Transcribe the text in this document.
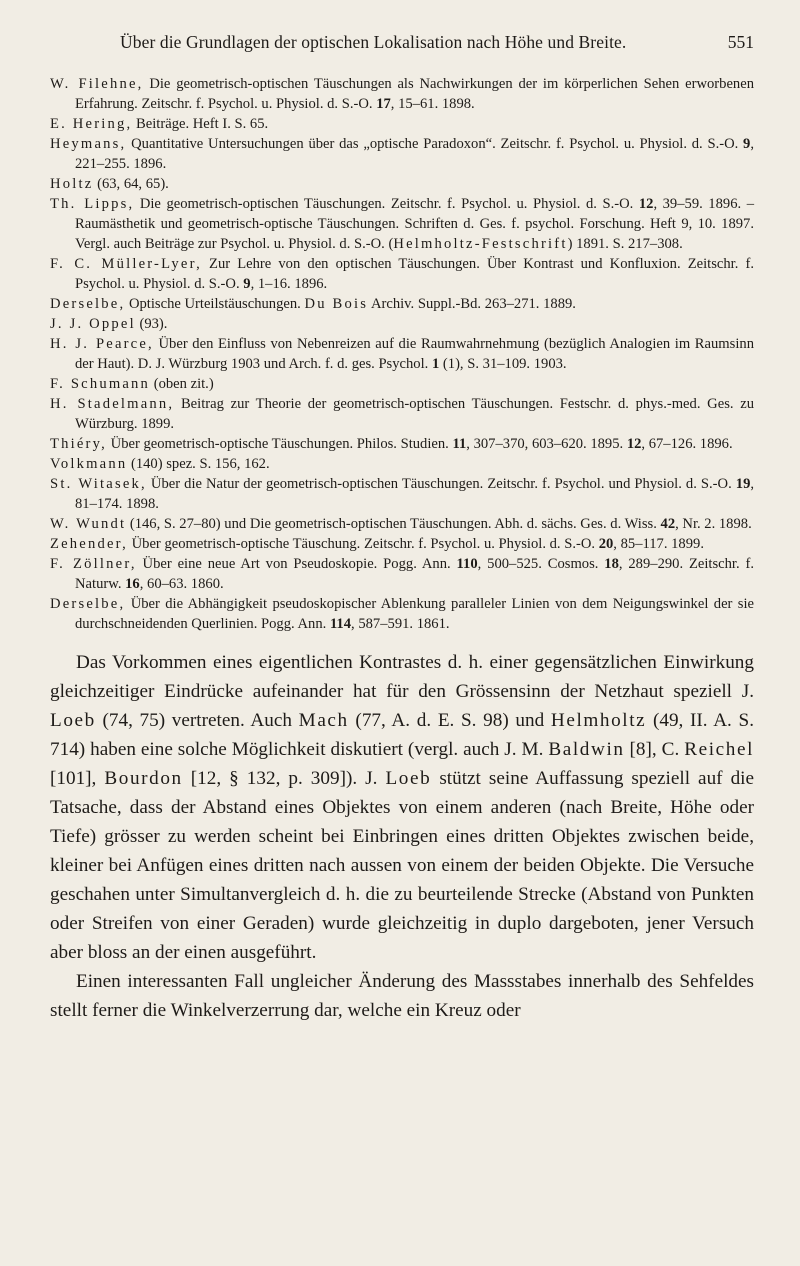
Über die Grundlagen der optischen Lokalisation nach Höhe und Breite.	551
W. Filehne, Die geometrisch-optischen Täuschungen als Nachwirkungen der im körperlichen Sehen erworbenen Erfahrung. Zeitschr. f. Psychol. u. Physiol. d. S.-O. 17, 15–61. 1898.
E. Hering, Beiträge. Heft I. S. 65.
Heymans, Quantitative Untersuchungen über das „optische Paradoxon“. Zeitschr. f. Psychol. u. Physiol. d. S.-O. 9, 221–255. 1896.
Holtz (63, 64, 65).
Th. Lipps, Die geometrisch-optischen Täuschungen. Zeitschr. f. Psychol. u. Physiol. d. S.-O. 12, 39–59. 1896. – Raumästhetik und geometrisch-optische Täuschungen. Schriften d. Ges. f. psychol. Forschung. Heft 9, 10. 1897. Vergl. auch Beiträge zur Psychol. u. Physiol. d. S.-O. (Helmholtz-Festschrift) 1891. S. 217–308.
F. C. Müller-Lyer, Zur Lehre von den optischen Täuschungen. Über Kontrast und Konfluxion. Zeitschr. f. Psychol. u. Physiol. d. S.-O. 9, 1–16. 1896.
Derselbe, Optische Urteilstäuschungen. Du Bois Archiv. Suppl.-Bd. 263–271. 1889.
J. J. Oppel (93).
H. J. Pearce, Über den Einfluss von Nebenreizen auf die Raumwahrnehmung (bezüglich Analogien im Raumsinn der Haut). D. J. Würzburg 1903 und Arch. f. d. ges. Psychol. 1 (1), S. 31–109. 1903.
F. Schumann (oben zit.)
H. Stadelmann, Beitrag zur Theorie der geometrisch-optischen Täuschungen. Festschr. d. phys.-med. Ges. zu Würzburg. 1899.
Thiéry, Über geometrisch-optische Täuschungen. Philos. Studien. 11, 307–370, 603–620. 1895. 12, 67–126. 1896.
Volkmann (140) spez. S. 156, 162.
St. Witasek, Über die Natur der geometrisch-optischen Täuschungen. Zeitschr. f. Psychol. und Physiol. d. S.-O. 19, 81–174. 1898.
W. Wundt (146, S. 27–80) und Die geometrisch-optischen Täuschungen. Abh. d. sächs. Ges. d. Wiss. 42, Nr. 2. 1898.
Zehender, Über geometrisch-optische Täuschung. Zeitschr. f. Psychol. u. Physiol. d. S.-O. 20, 85–117. 1899.
F. Zöllner, Über eine neue Art von Pseudoskopie. Pogg. Ann. 110, 500–525. Cosmos. 18, 289–290. Zeitschr. f. Naturw. 16, 60–63. 1860.
Derselbe, Über die Abhängigkeit pseudoskopischer Ablenkung paralleler Linien von dem Neigungswinkel der sie durchschneidenden Querlinien. Pogg. Ann. 114, 587–591. 1861.

Das Vorkommen eines eigentlichen Kontrastes d. h. einer gegensätzlichen Einwirkung gleichzeitiger Eindrücke aufeinander hat für den Grössensinn der Netzhaut speziell J. Loeb (74, 75) vertreten. Auch Mach (77, A. d. E. S. 98) und Helmholtz (49, II. A. S. 714) haben eine solche Möglichkeit diskutiert (vergl. auch J. M. Baldwin [8], C. Reichel [101], Bourdon [12, § 132, p. 309]). J. Loeb stützt seine Auffassung speziell auf die Tatsache, dass der Abstand eines Objektes von einem anderen (nach Breite, Höhe oder Tiefe) grösser zu werden scheint bei Einbringen eines dritten Objektes zwischen beide, kleiner bei Anfügen eines dritten nach aussen von einem der beiden Objekte. Die Versuche geschahen unter Simultanvergleich d. h. die zu beurteilende Strecke (Abstand von Punkten oder Streifen von einer Geraden) wurde gleichzeitig in duplo dargeboten, jener Versuch aber bloss an der einen ausgeführt.

Einen interessanten Fall ungleicher Änderung des Massstabes innerhalb des Sehfeldes stellt ferner die Winkelverzerrung dar, welche ein Kreuz oder
